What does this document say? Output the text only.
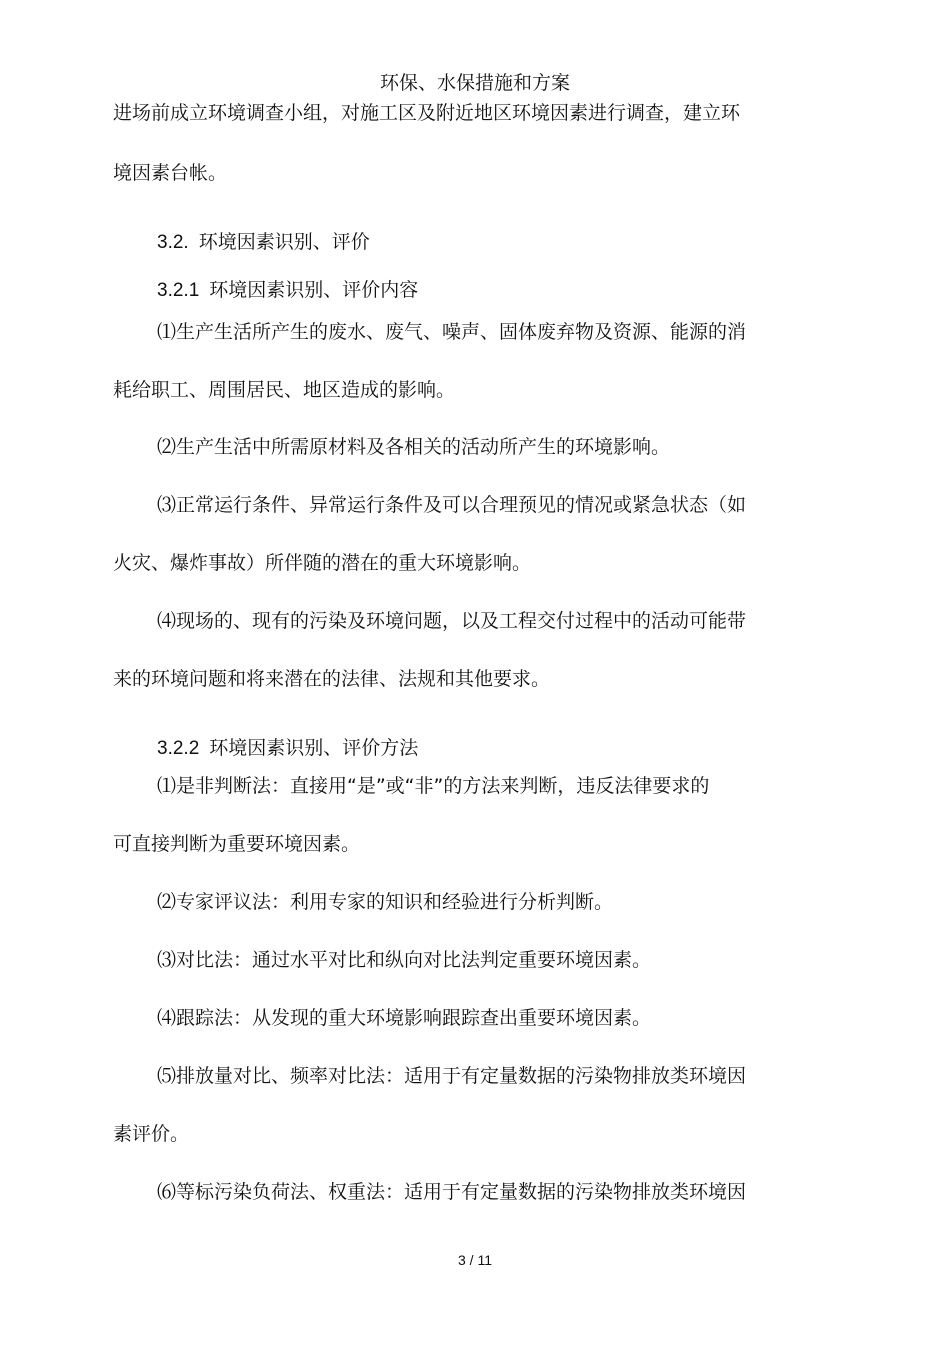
环保、水保措施和方案
进场前成立环境调查小组，对施工区及附近地区环境因素进行调查，建立环
境因素台帐。
3.2. 环境因素识别、评价
3.2.1 环境因素识别、评价内容
⑴生产生活所产生的废水、废气、噪声、固体废弃物及资源、能源的消
耗给职工、周围居民、地区造成的影响。
⑵生产生活中所需原材料及各相关的活动所产生的环境影响。
⑶正常运行条件、异常运行条件及可以合理预见的情况或紧急状态（如
火灾、爆炸事故）所伴随的潜在的重大环境影响。
⑷现场的、现有的污染及环境问题，以及工程交付过程中的活动可能带
来的环境问题和将来潜在的法律、法规和其他要求。
3.2.2 环境因素识别、评价方法
⑴是非判断法：直接用“是”或“非”的方法来判断，违反法律要求的
可直接判断为重要环境因素。
⑵专家评议法：利用专家的知识和经验进行分析判断。
⑶对比法：通过水平对比和纵向对比法判定重要环境因素。
⑷跟踪法：从发现的重大环境影响跟踪查出重要环境因素。
⑸排放量对比、频率对比法：适用于有定量数据的污染物排放类环境因
素评价。
⑹等标污染负荷法、权重法：适用于有定量数据的污染物排放类环境因
3 / 11
